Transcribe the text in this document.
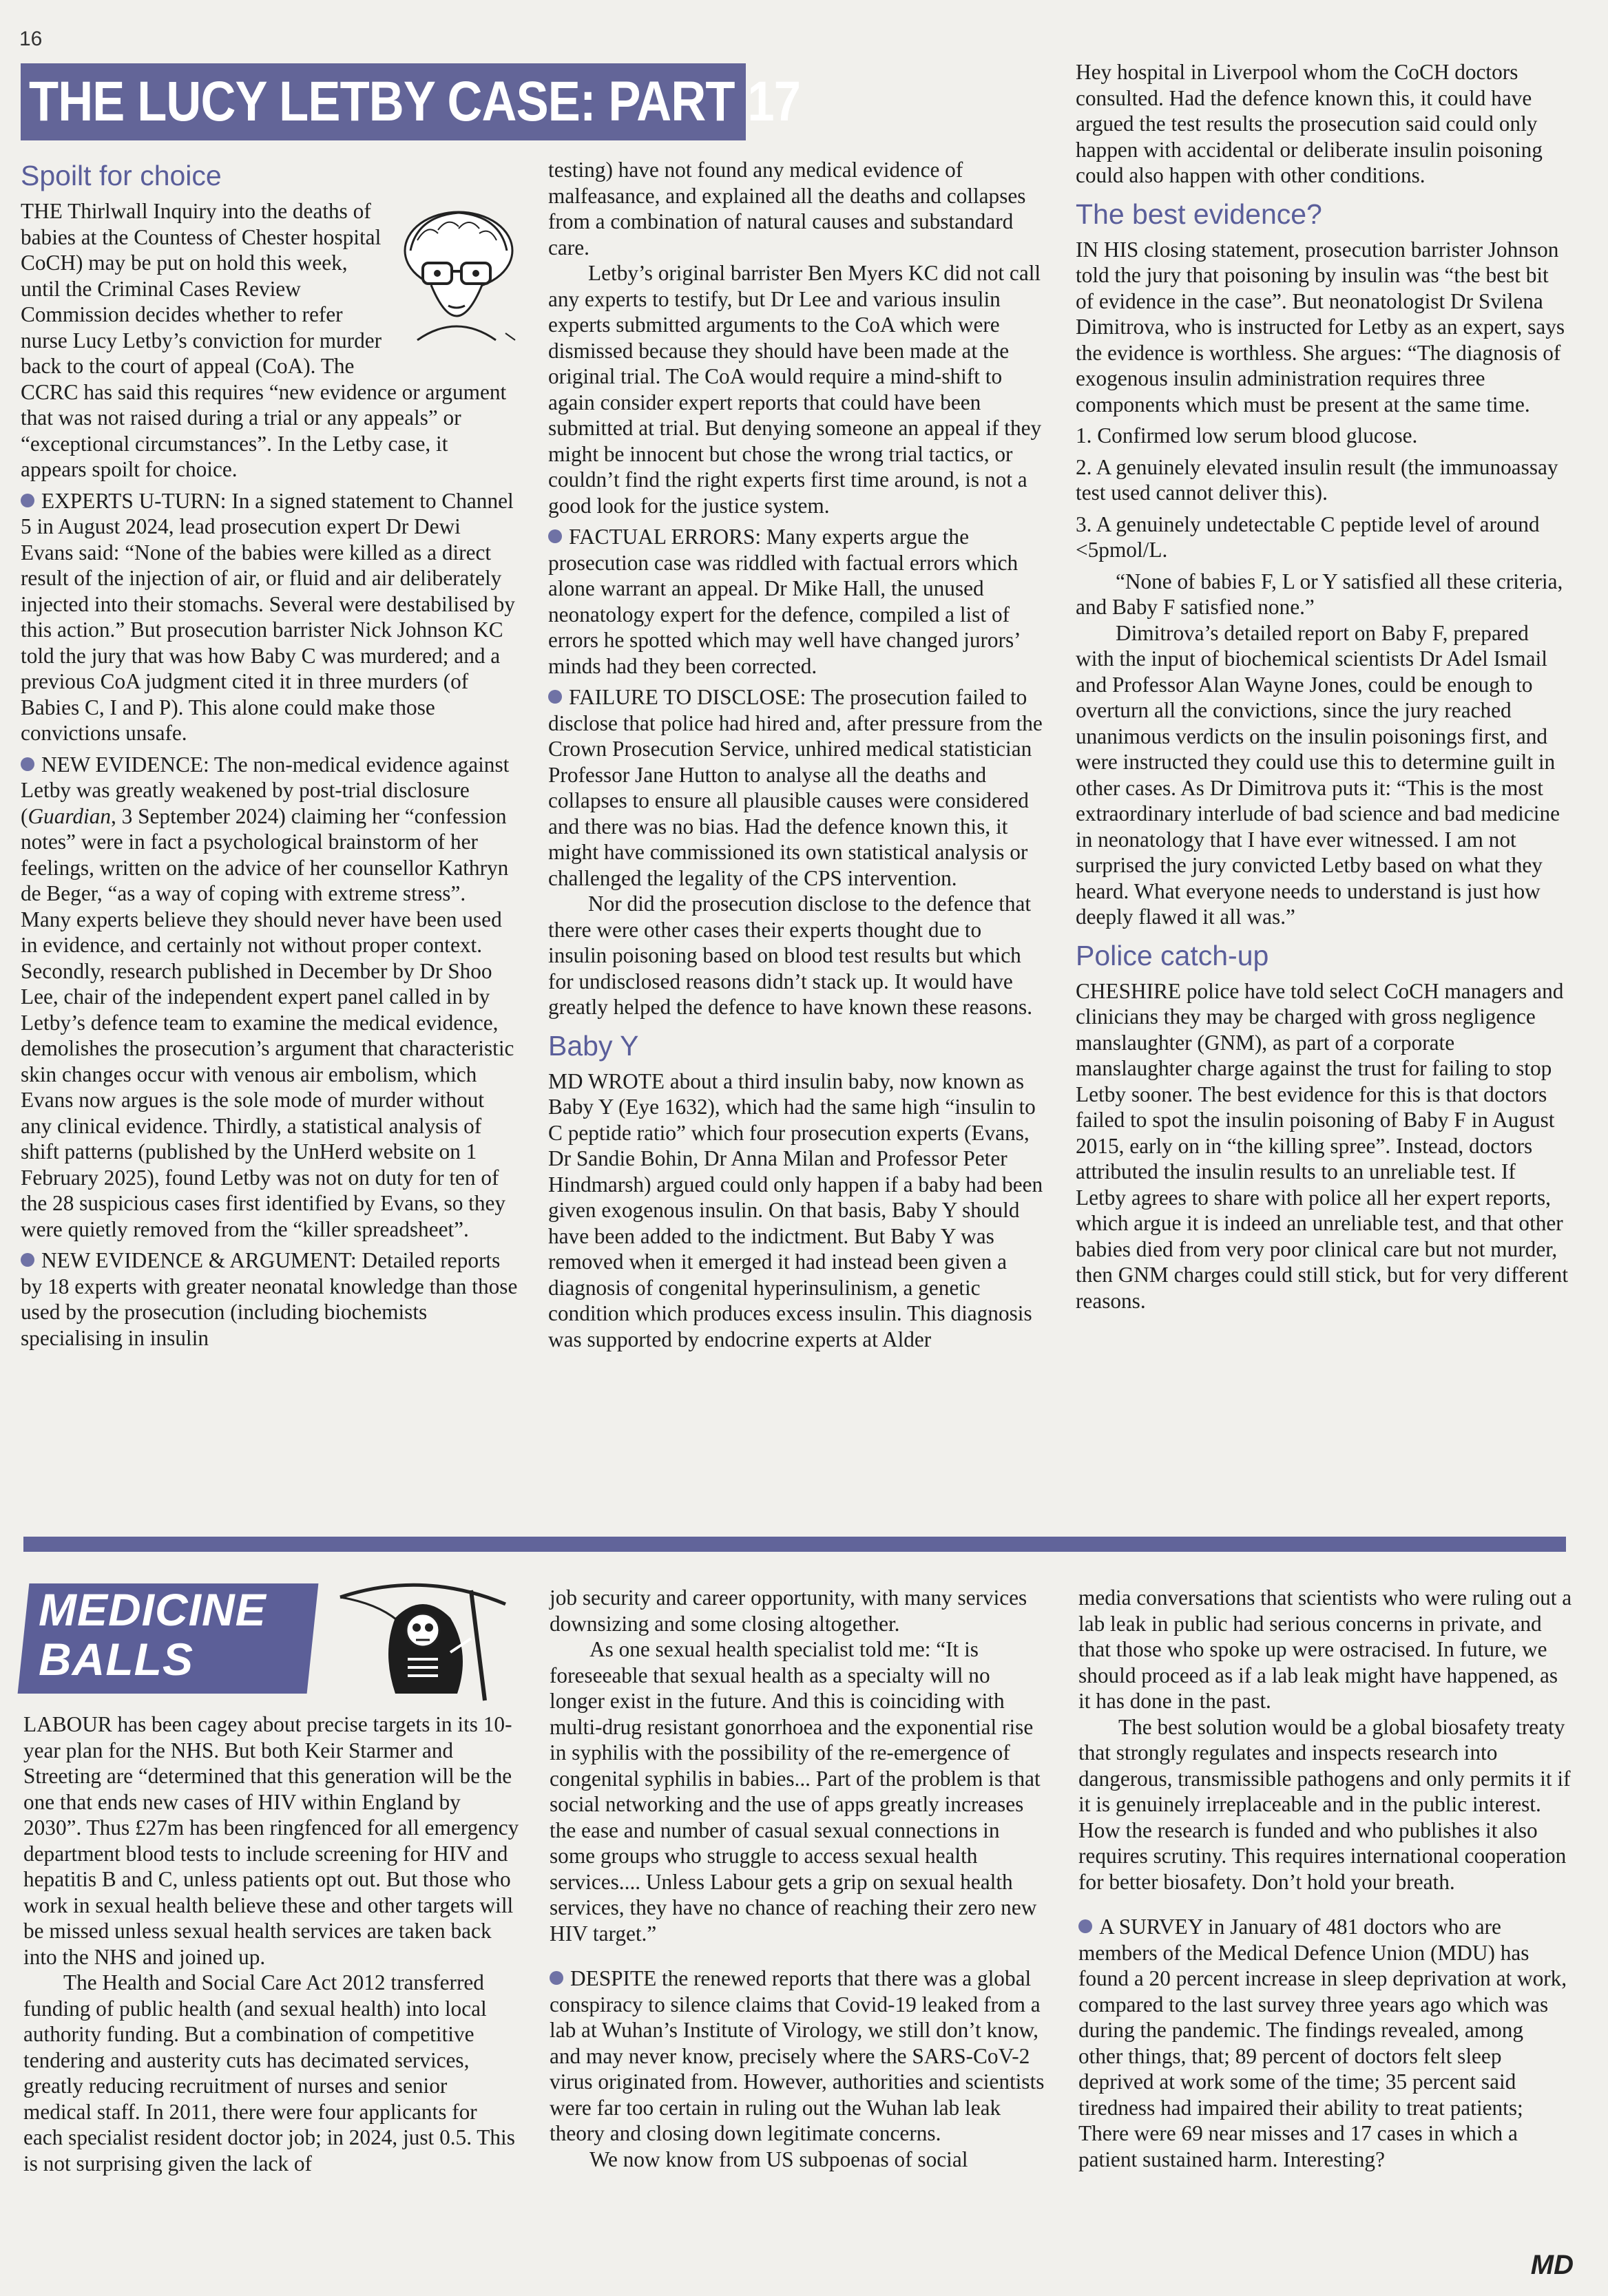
16
THE LUCY LETBY CASE: PART 17
Spoilt for choice

THE Thirlwall Inquiry into the deaths of babies at the Countess of Chester hospital CoCH) may be put on hold this week, until the Criminal Cases Review Commission decides whether to refer nurse Lucy Letby’s conviction for murder back to the court of appeal (CoA). The CCRC has said this requires “new evidence or argument that was not raised during a trial or any appeals” or “exceptional circumstances”. In the Letby case, it appears spoilt for choice.

EXPERTS U-TURN: In a signed statement to Channel 5 in August 2024, lead prosecution expert Dr Dewi Evans said: “None of the babies were killed as a direct result of the injection of air, or fluid and air deliberately injected into their stomachs. Several were destabilised by this action.” But prosecution barrister Nick Johnson KC told the jury that was how Baby C was murdered; and a previous CoA judgment cited it in three murders (of Babies C, I and P). This alone could make those convictions unsafe.

NEW EVIDENCE: The non-medical evidence against Letby was greatly weakened by post-trial disclosure (Guardian, 3 September 2024) claiming her “confession notes” were in fact a psychological brainstorm of her feelings, written on the advice of her counsellor Kathryn de Beger, “as a way of coping with extreme stress”. Many experts believe they should never have been used in evidence, and certainly not without proper context. Secondly, research published in December by Dr Shoo Lee, chair of the independent expert panel called in by Letby’s defence team to examine the medical evidence, demolishes the prosecution’s argument that characteristic skin changes occur with venous air embolism, which Evans now argues is the sole mode of murder without any clinical evidence. Thirdly, a statistical analysis of shift patterns (published by the UnHerd website on 1 February 2025), found Letby was not on duty for ten of the 28 suspicious cases first identified by Evans, so they were quietly removed from the “killer spreadsheet”.

NEW EVIDENCE & ARGUMENT: Detailed reports by 18 experts with greater neonatal knowledge than those used by the prosecution (including biochemists specialising in insulin

testing) have not found any medical evidence of malfeasance, and explained all the deaths and collapses from a combination of natural causes and substandard care.

Letby’s original barrister Ben Myers KC did not call any experts to testify, but Dr Lee and various insulin experts submitted arguments to the CoA which were dismissed because they should have been made at the original trial. The CoA would require a mind-shift to again consider expert reports that could have been submitted at trial. But denying someone an appeal if they might be innocent but chose the wrong trial tactics, or couldn’t find the right experts first time around, is not a good look for the justice system.

FACTUAL ERRORS: Many experts argue the prosecution case was riddled with factual errors which alone warrant an appeal. Dr Mike Hall, the unused neonatology expert for the defence, compiled a list of errors he spotted which may well have changed jurors’ minds had they been corrected.

FAILURE TO DISCLOSE: The prosecution failed to disclose that police had hired and, after pressure from the Crown Prosecution Service, unhired medical statistician Professor Jane Hutton to analyse all the deaths and collapses to ensure all plausible causes were considered and there was no bias. Had the defence known this, it might have commissioned its own statistical analysis or challenged the legality of the CPS intervention.

Nor did the prosecution disclose to the defence that there were other cases their experts thought due to insulin poisoning based on blood test results but which for undisclosed reasons didn’t stack up. It would have greatly helped the defence to have known these reasons.

Baby Y

MD WROTE about a third insulin baby, now known as Baby Y (Eye 1632), which had the same high “insulin to C peptide ratio” which four prosecution experts (Evans, Dr Sandie Bohin, Dr Anna Milan and Professor Peter Hindmarsh) argued could only happen if a baby had been given exogenous insulin. On that basis, Baby Y should have been added to the indictment. But Baby Y was removed when it emerged it had instead been given a diagnosis of congenital hyperinsulinism, a genetic condition which produces excess insulin. This diagnosis was supported by endocrine experts at Alder

Hey hospital in Liverpool whom the CoCH doctors consulted. Had the defence known this, it could have argued the test results the prosecution said could only happen with accidental or deliberate insulin poisoning could also happen with other conditions.

The best evidence?

IN HIS closing statement, prosecution barrister Johnson told the jury that poisoning by insulin was “the best bit of evidence in the case”. But neonatologist Dr Svilena Dimitrova, who is instructed for Letby as an expert, says the evidence is worthless. She argues: “The diagnosis of exogenous insulin administration requires three components which must be present at the same time.

1. Confirmed low serum blood glucose.

2. A genuinely elevated insulin result (the immunoassay test used cannot deliver this).

3. A genuinely undetectable C peptide level of around <5pmol/L.

“None of babies F, L or Y satisfied all these criteria, and Baby F satisfied none.”

Dimitrova’s detailed report on Baby F, prepared with the input of biochemical scientists Dr Adel Ismail and Professor Alan Wayne Jones, could be enough to overturn all the convictions, since the jury reached unanimous verdicts on the insulin poisonings first, and were instructed they could use this to determine guilt in other cases. As Dr Dimitrova puts it: “This is the most extraordinary interlude of bad science and bad medicine in neonatology that I have ever witnessed. I am not surprised the jury convicted Letby based on what they heard. What everyone needs to understand is just how deeply flawed it all was.”

Police catch-up

CHESHIRE police have told select CoCH managers and clinicians they may be charged with gross negligence manslaughter (GNM), as part of a corporate manslaughter charge against the trust for failing to stop Letby sooner. The best evidence for this is that doctors failed to spot the insulin poisoning of Baby F in August 2015, early on in “the killing spree”. Instead, doctors attributed the insulin results to an unreliable test. If Letby agrees to share with police all her expert reports, which argue it is indeed an unreliable test, and that other babies died from very poor clinical care but not murder, then GNM charges could still stick, but for very different reasons.

MEDICINE
BALLS

LABOUR has been cagey about precise targets in its 10-year plan for the NHS. But both Keir Starmer and Streeting are “determined that this generation will be the one that ends new cases of HIV within England by 2030”. Thus £27m has been ringfenced for all emergency department blood tests to include screening for HIV and hepatitis B and C, unless patients opt out. But those who work in sexual health believe these and other targets will be missed unless sexual health services are taken back into the NHS and joined up.

The Health and Social Care Act 2012 transferred funding of public health (and sexual health) into local authority funding. But a combination of competitive tendering and austerity cuts has decimated services, greatly reducing recruitment of nurses and senior medical staff. In 2011, there were four applicants for each specialist resident doctor job; in 2024, just 0.5. This is not surprising given the lack of

job security and career opportunity, with many services downsizing and some closing altogether.

As one sexual health specialist told me: “It is foreseeable that sexual health as a specialty will no longer exist in the future. And this is coinciding with multi-drug resistant gonorrhoea and the exponential rise in syphilis with the possibility of the re-emergence of congenital syphilis in babies... Part of the problem is that social networking and the use of apps greatly increases the ease and number of casual sexual connections in some groups who struggle to access sexual health services.... Unless Labour gets a grip on sexual health services, they have no chance of reaching their zero new HIV target.”

DESPITE the renewed reports that there was a global conspiracy to silence claims that Covid-19 leaked from a lab at Wuhan’s Institute of Virology, we still don’t know, and may never know, precisely where the SARS-CoV-2 virus originated from. However, authorities and scientists were far too certain in ruling out the Wuhan lab leak theory and closing down legitimate concerns.

We now know from US subpoenas of social

media conversations that scientists who were ruling out a lab leak in public had serious concerns in private, and that those who spoke up were ostracised. In future, we should proceed as if a lab leak might have happened, as it has done in the past.

The best solution would be a global biosafety treaty that strongly regulates and inspects research into dangerous, transmissible pathogens and only permits it if it is genuinely irreplaceable and in the public interest. How the research is funded and who publishes it also requires scrutiny. This requires international cooperation for better biosafety. Don’t hold your breath.

A SURVEY in January of 481 doctors who are members of the Medical Defence Union (MDU) has found a 20 percent increase in sleep deprivation at work, compared to the last survey three years ago which was during the pandemic. The findings revealed, among other things, that; 89 percent of doctors felt sleep deprived at work some of the time; 35 percent said tiredness had impaired their ability to treat patients; There were 69 near misses and 17 cases in which a patient sustained harm. Interesting?

MD
